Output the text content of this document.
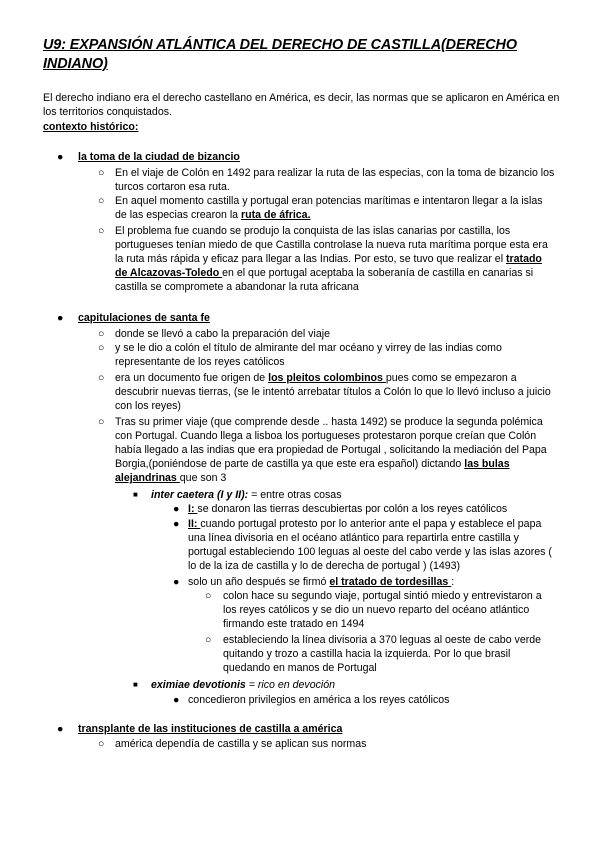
U9: EXPANSIÓN ATLÁNTICA DEL DERECHO DE CASTILLA(DERECHO INDIANO)
El derecho indiano era el derecho castellano en América, es decir, las normas que se aplicaron en América en los territorios conquistados.
contexto histórico:
● la toma de la ciudad de bizancio
○ En el viaje de Colón en 1492 para realizar la ruta de las especias, con la toma de bizancio los turcos cortaron esa ruta.
○ En aquel momento castilla y portugal eran potencias marítimas e intentaron llegar a la islas de las especias crearon la ruta de áfrica.
○ El problema fue cuando se produjo la conquista de las islas canarias por castilla, los portugueses tenían miedo de que Castilla controlase la nueva ruta marítima porque esta era la ruta más rápida y eficaz para llegar a las Indias. Por esto, se tuvo que realizar el tratado de Alcazovas-Toledo en el que portugal aceptaba la soberanía de castilla en canarias si castilla se compromete a abandonar la ruta africana
● capitulaciones de santa fe
○ donde se llevó a cabo la preparación del viaje
○ y se le dio a colón el título de almirante del mar océano y virrey de las indias como representante de los reyes católicos
○ era un documento fue origen de los pleitos colombinos pues como se empezaron a descubrir nuevas tierras, (se le intentó arrebatar títulos a Colón lo que lo llevó incluso a juicio con los reyes)
○ Tras su primer viaje (que comprende desde .. hasta 1492) se produce la segunda polémica con Portugal. Cuando llega a lisboa los portugueses protestaron porque creían que Colón había llegado a las indias que era propiedad de Portugal , solicitando la mediación del Papa Borgia,(poniéndose de parte de castilla ya que este era español) dictando las bulas alejandrinas que son 3
■ inter caetera (I y II): = entre otras cosas
● I: se donaron las tierras descubiertas por colón a los reyes católicos
● II: cuando portugal protesto por lo anterior ante el papa y establece el papa una línea divisoria en el océano atlántico para repartirla entre castilla y portugal estableciendo 100 leguas al oeste del cabo verde y las islas azores ( lo de la iza de castilla y lo de derecha de portugal ) (1493)
● solo un año después se firmó el tratado de tordesillas :
○ colon hace su segundo viaje, portugal sintió miedo y entrevistaron a los reyes católicos y se dio un nuevo reparto del océano atlántico firmando este tratado en 1494
○ estableciendo la línea divisoria a 370 leguas al oeste de cabo verde quitando y trozo a castilla hacia la izquierda. Por lo que brasil quedando en manos de Portugal
■ eximiae devotionis = rico en devoción
● concedieron privilegios en américa a los reyes católicos
● transplante de las instituciones de castilla a américa
○ américa dependía de castilla y se aplican sus normas
